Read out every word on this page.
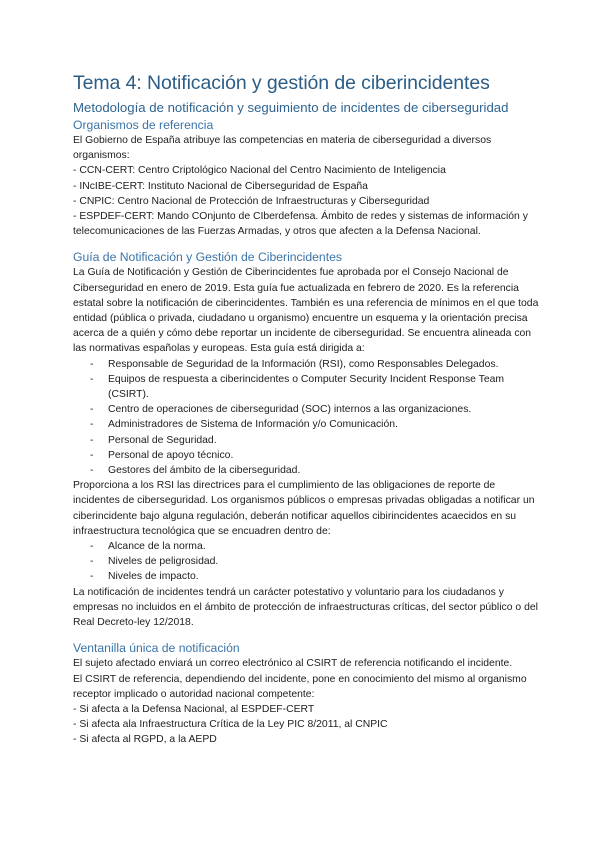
Tema 4: Notificación y gestión de ciberincidentes
Metodología de notificación y seguimiento de incidentes de ciberseguridad
Organismos de referencia

El Gobierno de España atribuye las competencias en materia de ciberseguridad a diversos organismos:

- CCN-CERT: Centro Criptológico Nacional del Centro Nacimiento de Inteligencia

- INcIBE-CERT: Instituto Nacional de Ciberseguridad de España

- CNPIC: Centro Nacional de Protección de Infraestructuras y Ciberseguridad

- ESPDEF-CERT: Mando COnjunto de CIberdefensa. Ámbito de redes y sistemas de información y telecomunicaciones de las Fuerzas Armadas, y otros que afecten a la Defensa Nacional.

Guía de Notificación y Gestión de Ciberincidentes

La Guía de Notificación y Gestión de Ciberincidentes fue aprobada por el Consejo Nacional de Ciberseguridad en enero de 2019. Esta guía fue actualizada en febrero de 2020. Es la referencia estatal sobre la notificación de ciberincidentes. También es una referencia de mínimos en el que toda entidad (pública o privada, ciudadano u organismo) encuentre un esquema y la orientación precisa acerca de a quién y cómo debe reportar un incidente de ciberseguridad. Se encuentra alineada con las normativas españolas y europeas. Esta guía está dirigida a:

- Responsable de Seguridad de la Información (RSI), como Responsables Delegados.
- Equipos de respuesta a ciberincidentes o Computer Security Incident Response Team (CSIRT).
- Centro de operaciones de ciberseguridad (SOC) internos a las organizaciones.
- Administradores de Sistema de Información y/o Comunicación.
- Personal de Seguridad.
- Personal de apoyo técnico.
- Gestores del ámbito de la ciberseguridad.

Proporciona a los RSI las directrices para el cumplimiento de las obligaciones de reporte de incidentes de ciberseguridad. Los organismos públicos o empresas privadas obligadas a notificar un ciberincidente bajo alguna regulación, deberán notificar aquellos cibirincidentes acaecidos en su infraestructura tecnológica que se encuadren dentro de:

- Alcance de la norma.
- Niveles de peligrosidad.
- Niveles de impacto.

La notificación de incidentes tendrá un carácter potestativo y voluntario para los ciudadanos y empresas no incluidos en el ámbito de protección de infraestructuras críticas, del sector público o del Real Decreto-ley 12/2018.

Ventanilla única de notificación

El sujeto afectado enviará un correo electrónico al CSIRT de referencia notificando el incidente.

El CSIRT de referencia, dependiendo del incidente, pone en conocimiento del mismo al organismo receptor implicado o autoridad nacional competente:

- Si afecta a la Defensa Nacional, al ESPDEF-CERT

- Si afecta ala Infraestructura Crítica de la Ley PIC 8/2011, al CNPIC

- Si afecta al RGPD, a la AEPD
